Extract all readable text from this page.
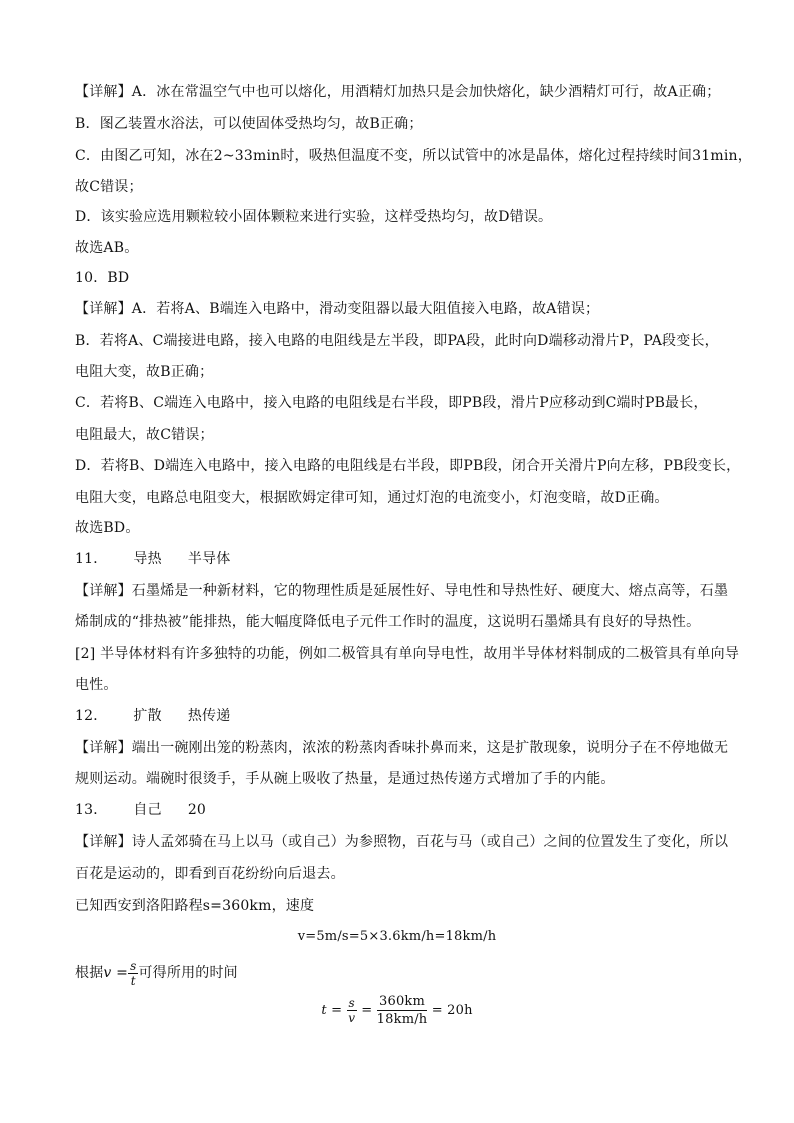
【详解】A．冰在常温空气中也可以熔化，用酒精灯加热只是会加快熔化，缺少酒精灯可行，故A正确；
B．图乙装置水浴法，可以使固体受热均匀，故B正确；
C．由图乙可知，冰在2~33min时，吸热但温度不变，所以试管中的冰是晶体，熔化过程持续时间31min，
故C错误；
D．该实验应选用颗粒较小固体颗粒来进行实验，这样受热均匀，故D错误。
故选AB。
10．BD
【详解】A．若将A、B端连入电路中，滑动变阻器以最大阻值接入电路，故A错误；
B．若将A、C端接进电路，接入电路的电阻线是左半段，即PA段，此时向D端移动滑片P，PA段变长，
电阻大变，故B正确；
C．若将B、C端连入电路中，接入电路的电阻线是右半段，即PB段，滑片P应移动到C端时PB最长，
电阻最大，故C错误；
D．若将B、D端连入电路中，接入电路的电阻线是右半段，即PB段，闭合开关滑片P向左移，PB段变长，
电阻大变，电路总电阻变大，根据欧姆定律可知，通过灯泡的电流变小，灯泡变暗，故D正确。
故选BD。
11． 导热 半导体
【详解】石墨烯是一种新材料，它的物理性质是延展性好、导电性和导热性好、硬度大、熔点高等，石墨
烯制成的“排热被”能排热，能大幅度降低电子元件工作时的温度，这说明石墨烯具有良好的导热性。
[2] 半导体材料有许多独特的功能，例如二极管具有单向导电性，故用半导体材料制成的二极管具有单向导
电性。
12． 扩散 热传递
【详解】端出一碗刚出笼的粉蒸肉，浓浓的粉蒸肉香味扑鼻而来，这是扩散现象，说明分子在不停地做无
规则运动。端碗时很烫手，手从碗上吸收了热量，是通过热传递方式增加了手的内能。
13． 自己 20
【详解】诗人孟郊骑在马上以马（或自己）为参照物，百花与马（或自己）之间的位置发生了变化，所以
百花是运动的，即看到百花纷纷向后退去。
已知西安到洛阳路程s=360km，速度
v=5m/s=5×3.6km/h=18km/h
根据$v = \frac{s}{t}$ 可得所用的时间
$t = \frac{s}{v} = \frac{360km}{18km/h} = 20h$
